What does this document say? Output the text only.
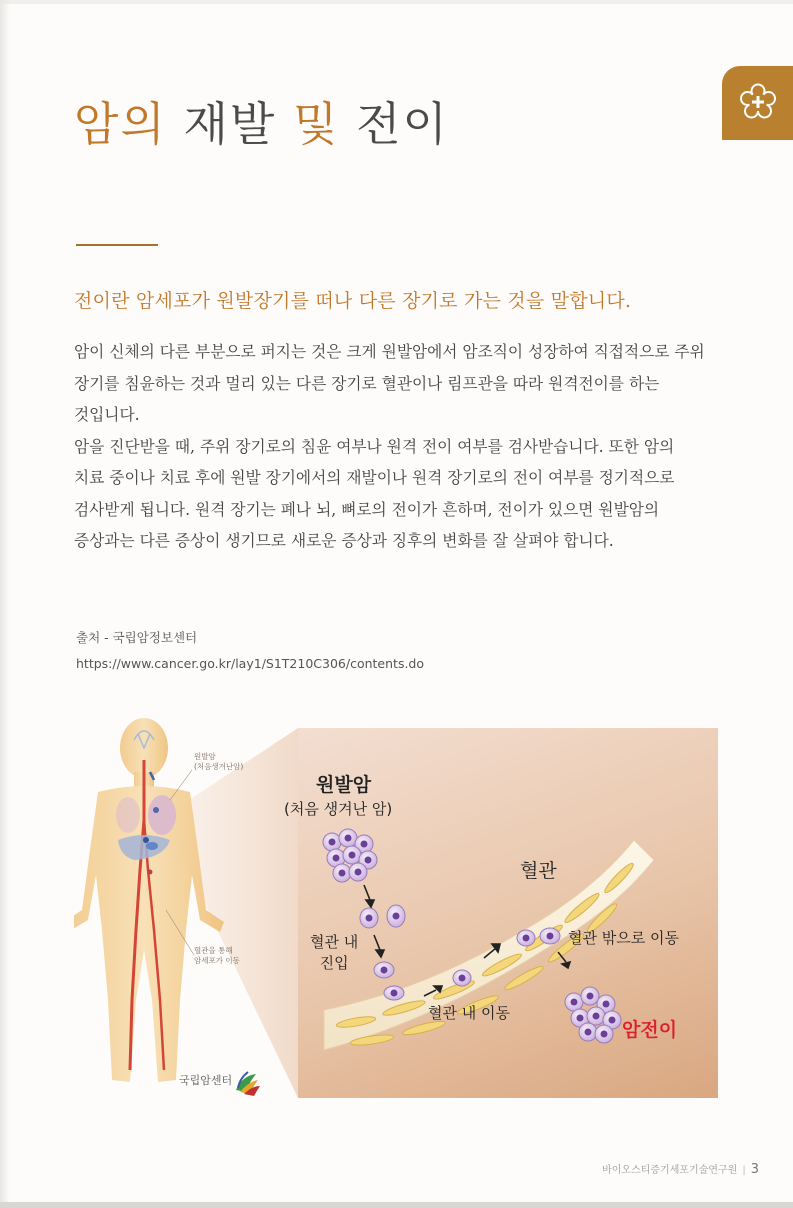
암의 재발 및 전이

전이란 암세포가 원발장기를 떠나 다른 장기로 가는 것을 말합니다.

암이 신체의 다른 부분으로 퍼지는 것은 크게 원발암에서 암조직이 성장하여 직접적으로 주위
장기를 침윤하는 것과 멀리 있는 다른 장기로 혈관이나 림프관을 따라 원격전이를 하는
것입니다.

암을 진단받을 때, 주위 장기로의 침윤 여부나 원격 전이 여부를 검사받습니다. 또한 암의
치료 중이나 치료 후에 원발 장기에서의 재발이나 원격 장기로의 전이 여부를 정기적으로
검사받게 됩니다. 원격 장기는 폐나 뇌, 뼈로의 전이가 흔하며, 전이가 있으면 원발암의
증상과는 다른 증상이 생기므로 새로운 증상과 징후의 변화를 잘 살펴야 합니다.

출처 - 국립암정보센터
https://www.cancer.go.kr/lay1/S1T210C306/contents.do
원발암
(처음생겨난암)
혈관을 통해
암세포가 이동
국립암센터
원발암
(처음 생겨난 암)
혈관
혈관 내
진입
혈관 내 이동
혈관 밖으로 이동
암전이
바이오스티증기세포기술연구원 | 3
